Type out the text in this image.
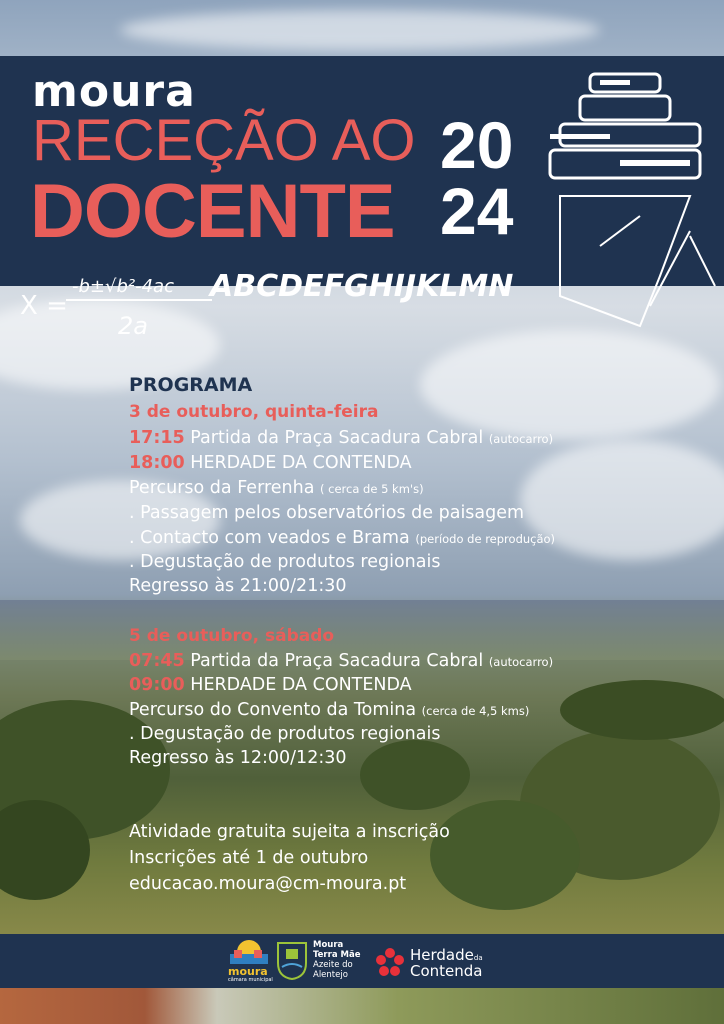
X =
-b±√b²-4ac
2a
ABCDEFGHIJKLMN
moura
RECEÇÃO AO
DOCENTE
20
24
PROGRAMA
3 de outubro, quinta-feira
17:15 Partida da Praça Sacadura Cabral (autocarro)
18:00 HERDADE DA CONTENDA
Percurso da Ferrenha ( cerca de 5 km's)
. Passagem pelos observatórios de paisagem
. Contacto com veados e Brama (período de reprodução)
. Degustação de produtos regionais
Regresso às 21:00/21:30
5 de outubro, sábado
07:45 Partida da Praça Sacadura Cabral (autocarro)
09:00 HERDADE DA CONTENDA
Percurso do Convento da Tomina (cerca de 4,5 kms)
. Degustação de produtos regionais
Regresso às 12:00/12:30
Atividade gratuita sujeita a inscrição
Inscrições até 1 de outubro
educacao.moura@cm-moura.pt
moura
câmara municipal
Moura
Terra Mãe
Azeite do
Alentejo
Herdadeda
Contenda
